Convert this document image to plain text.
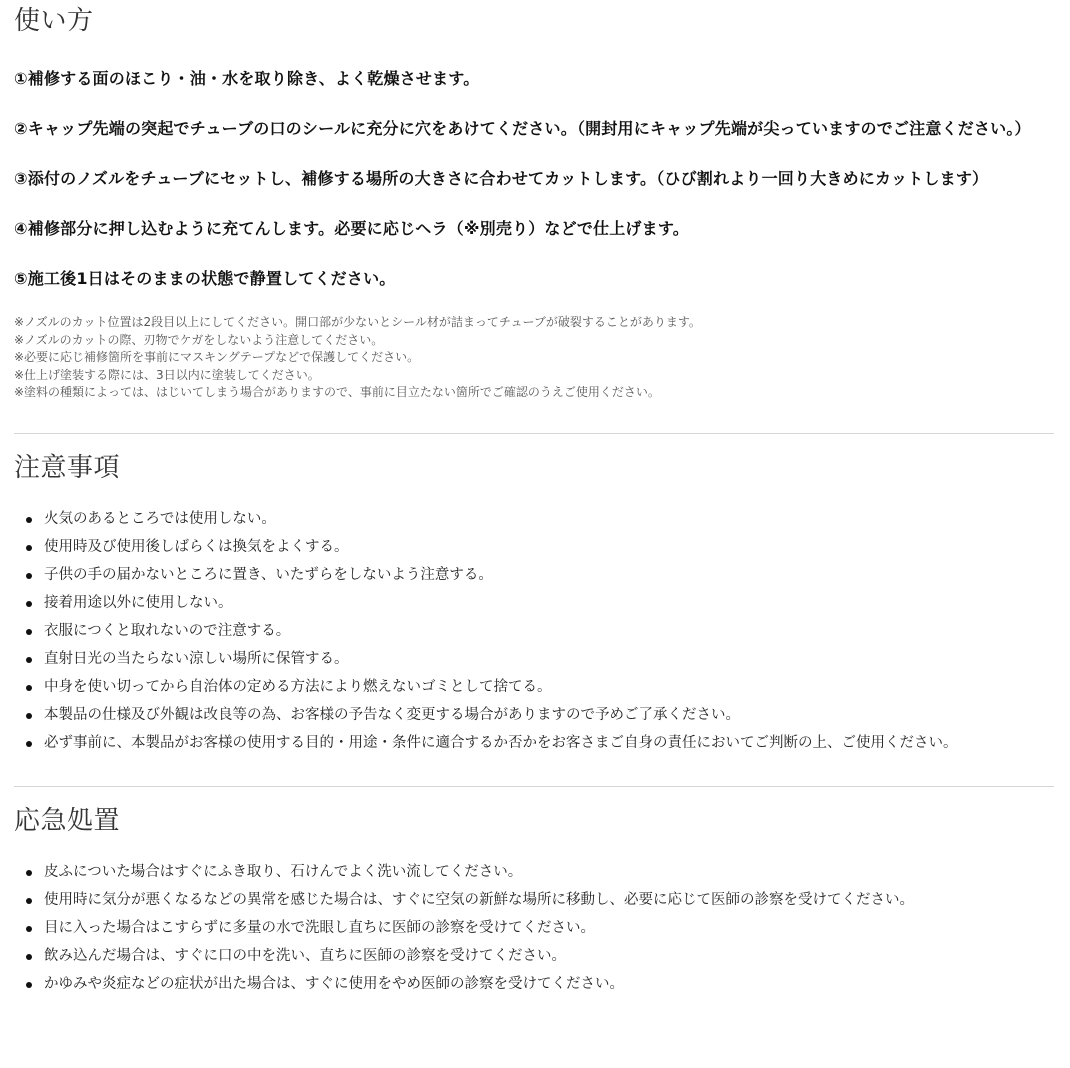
使い方

①補修する面のほこり・油・水を取り除き、よく乾燥させます。

②キャップ先端の突起でチューブの口のシールに充分に穴をあけてください。（開封用にキャップ先端が尖っていますのでご注意ください。）

③添付のノズルをチューブにセットし、補修する場所の大きさに合わせてカットします。（ひび割れより一回り大きめにカットします）

④補修部分に押し込むように充てんします。必要に応じヘラ（※別売り）などで仕上げます。

⑤施工後1日はそのままの状態で静置してください。

※ノズルのカット位置は2段目以上にしてください。開口部が少ないとシール材が詰まってチューブが破裂することがあります。

※ノズルのカットの際、刃物でケガをしないよう注意してください。

※必要に応じ補修箇所を事前にマスキングテープなどで保護してください。

※仕上げ塗装する際には、3日以内に塗装してください。

※塗料の種類によっては、はじいてしまう場合がありますので、事前に目立たない箇所でご確認のうえご使用ください。

注意事項
火気のあるところでは使用しない。
使用時及び使用後しばらくは換気をよくする。
子供の手の届かないところに置き、いたずらをしないよう注意する。
接着用途以外に使用しない。
衣服につくと取れないので注意する。
直射日光の当たらない涼しい場所に保管する。
中身を使い切ってから自治体の定める方法により燃えないゴミとして捨てる。
本製品の仕様及び外観は改良等の為、お客様の予告なく変更する場合がありますので予めご了承ください。
必ず事前に、本製品がお客様の使用する目的・用途・条件に適合するか否かをお客さまご自身の責任においてご判断の上、ご使用ください。
応急処置
皮ふについた場合はすぐにふき取り、石けんでよく洗い流してください。
使用時に気分が悪くなるなどの異常を感じた場合は、すぐに空気の新鮮な場所に移動し、必要に応じて医師の診察を受けてください。
目に入った場合はこすらずに多量の水で洗眼し直ちに医師の診察を受けてください。
飲み込んだ場合は、すぐに口の中を洗い、直ちに医師の診察を受けてください。
かゆみや炎症などの症状が出た場合は、すぐに使用をやめ医師の診察を受けてください。
